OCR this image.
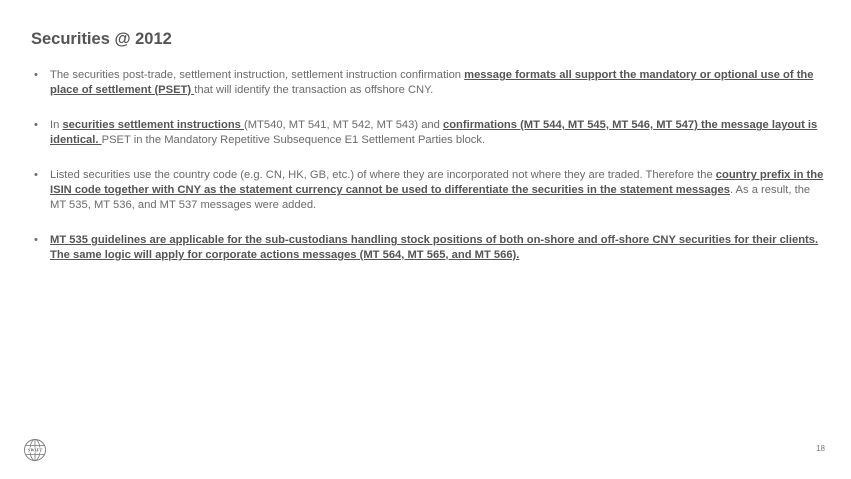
Securities @ 2012
• The securities post-trade, settlement instruction, settlement instruction confirmation message formats all support the mandatory or optional use of the place of settlement (PSET) that will identify the transaction as offshore CNY.
• In securities settlement instructions (MT540, MT 541, MT 542, MT 543) and confirmations (MT 544, MT 545, MT 546, MT 547) the message layout is identical. PSET in the Mandatory Repetitive Subsequence E1 Settlement Parties block.
• Listed securities use the country code (e.g. CN, HK, GB, etc.) of where they are incorporated not where they are traded. Therefore the country prefix in the ISIN code together with CNY as the statement currency cannot be used to differentiate the securities in the statement messages. As a result, the MT 535, MT 536, and MT 537 messages were added.
• MT 535 guidelines are applicable for the sub-custodians handling stock positions of both on-shore and off-shore CNY securities for their clients. The same logic will apply for corporate actions messages (MT 564, MT 565, and MT 566).
SWIFT	18
